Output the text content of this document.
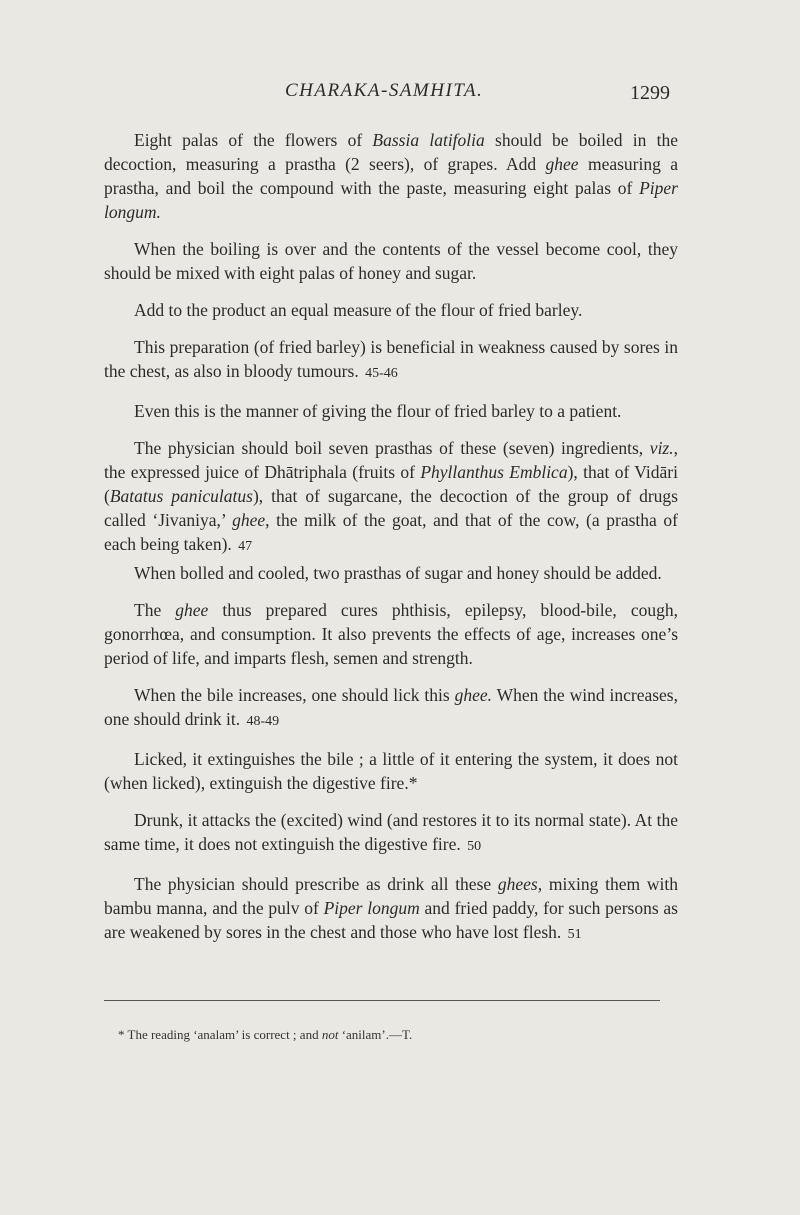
CHARAKA-SAMHITA.	1299

Eight palas of the flowers of Bassia latifolia should be boiled in the decoction, measuring a prastha (2 seers), of grapes. Add ghee measuring a prastha, and boil the compound with the paste, measuring eight palas of Piper longum.

When the boiling is over and the contents of the vessel become cool, they should be mixed with eight palas of honey and sugar.

Add to the product an equal measure of the flour of fried barley.

This preparation (of fried barley) is beneficial in weakness caused by sores in the chest, as also in bloody tumours. 45-46

Even this is the manner of giving the flour of fried barley to a patient.

The physician should boil seven prasthas of these (seven) ingredients, viz., the expressed juice of Dhātriphala (fruits of Phyllanthus Emblica), that of Vidāri (Batatus paniculatus), that of sugarcane, the decoction of the group of drugs called ‘Jivaniya,’ ghee, the milk of the goat, and that of the cow, (a prastha of each being taken). 47

When bolled and cooled, two prasthas of sugar and honey should be added.

The ghee thus prepared cures phthisis, epilepsy, blood-bile, cough, gonorrhœa, and consumption. It also prevents the effects of age, increases one’s period of life, and imparts flesh, semen and strength.

When the bile increases, one should lick this ghee. When the wind increases, one should drink it. 48-49

Licked, it extinguishes the bile ; a little of it entering the system, it does not (when licked), extinguish the digestive fire.*

Drunk, it attacks the (excited) wind (and restores it to its normal state). At the same time, it does not extinguish the digestive fire. 50

The physician should prescribe as drink all these ghees, mixing them with bambu manna, and the pulv of Piper longum and fried paddy, for such persons as are weakened by sores in the chest and those who have lost flesh. 51

* The reading ‘analam’ is correct ; and not ‘anilam’.—T.
